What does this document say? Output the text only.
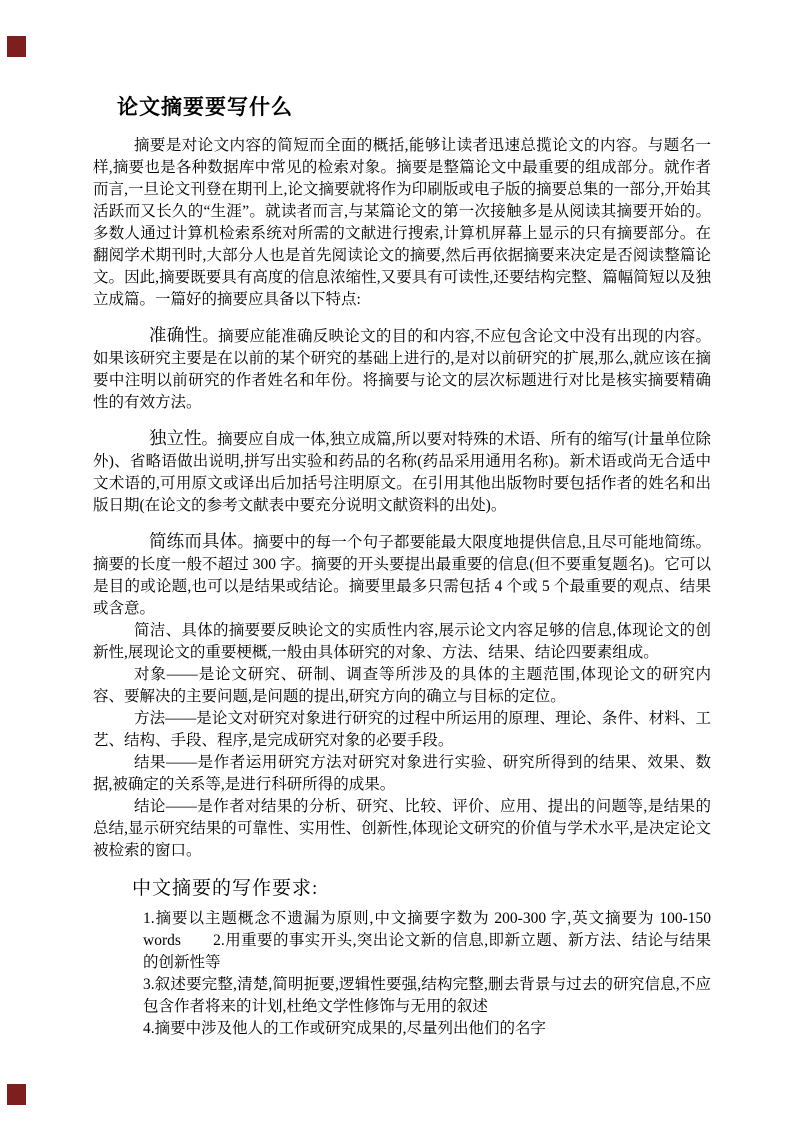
论文摘要要写什么

摘要是对论文内容的简短而全面的概括,能够让读者迅速总揽论文的内容。与题名一样,摘要也是各种数据库中常见的检索对象。摘要是整篇论文中最重要的组成部分。就作者而言,一旦论文刊登在期刊上,论文摘要就将作为印刷版或电子版的摘要总集的一部分,开始其活跃而又长久的“生涯”。就读者而言,与某篇论文的第一次接触多是从阅读其摘要开始的。多数人通过计算机检索系统对所需的文献进行搜索,计算机屏幕上显示的只有摘要部分。在翻阅学术期刊时,大部分人也是首先阅读论文的摘要,然后再依据摘要来决定是否阅读整篇论文。因此,摘要既要具有高度的信息浓缩性,又要具有可读性,还要结构完整、篇幅简短以及独立成篇。一篇好的摘要应具备以下特点:

准确性。摘要应能准确反映论文的目的和内容,不应包含论文中没有出现的内容。如果该研究主要是在以前的某个研究的基础上进行的,是对以前研究的扩展,那么,就应该在摘要中注明以前研究的作者姓名和年份。将摘要与论文的层次标题进行对比是核实摘要精确性的有效方法。

独立性。摘要应自成一体,独立成篇,所以要对特殊的术语、所有的缩写(计量单位除外)、省略语做出说明,拼写出实验和药品的名称(药品采用通用名称)。新术语或尚无合适中文术语的,可用原文或译出后加括号注明原文。在引用其他出版物时要包括作者的姓名和出版日期(在论文的参考文献表中要充分说明文献资料的出处)。

简练而具体。摘要中的每一个句子都要能最大限度地提供信息,且尽可能地简练。摘要的长度一般不超过 300 字。摘要的开头要提出最重要的信息(但不要重复题名)。它可以是目的或论题,也可以是结果或结论。摘要里最多只需包括 4 个或 5 个最重要的观点、结果或含意。

简洁、具体的摘要要反映论文的实质性内容,展示论文内容足够的信息,体现论文的创新性,展现论文的重要梗概,一般由具体研究的对象、方法、结果、结论四要素组成。

对象——是论文研究、研制、调查等所涉及的具体的主题范围,体现论文的研究内容、要解决的主要问题,是问题的提出,研究方向的确立与目标的定位。

方法——是论文对研究对象进行研究的过程中所运用的原理、理论、条件、材料、工艺、结构、手段、程序,是完成研究对象的必要手段。

结果——是作者运用研究方法对研究对象进行实验、研究所得到的结果、效果、数据,被确定的关系等,是进行科研所得的成果。

结论——是作者对结果的分析、研究、比较、评价、应用、提出的问题等,是结果的总结,显示研究结果的可靠性、实用性、创新性,体现论文研究的价值与学术水平,是决定论文被检索的窗口。

中文摘要的写作要求:

1.摘要以主题概念不遗漏为原则,中文摘要字数为 200-300 字,英文摘要为 100-150 words　　2.用重要的事实开头,突出论文新的信息,即新立题、新方法、结论与结果的创新性等

3.叙述要完整,清楚,简明扼要,逻辑性要强,结构完整,删去背景与过去的研究信息,不应包含作者将来的计划,杜绝文学性修饰与无用的叙述

4.摘要中涉及他人的工作或研究成果的,尽量列出他们的名字
